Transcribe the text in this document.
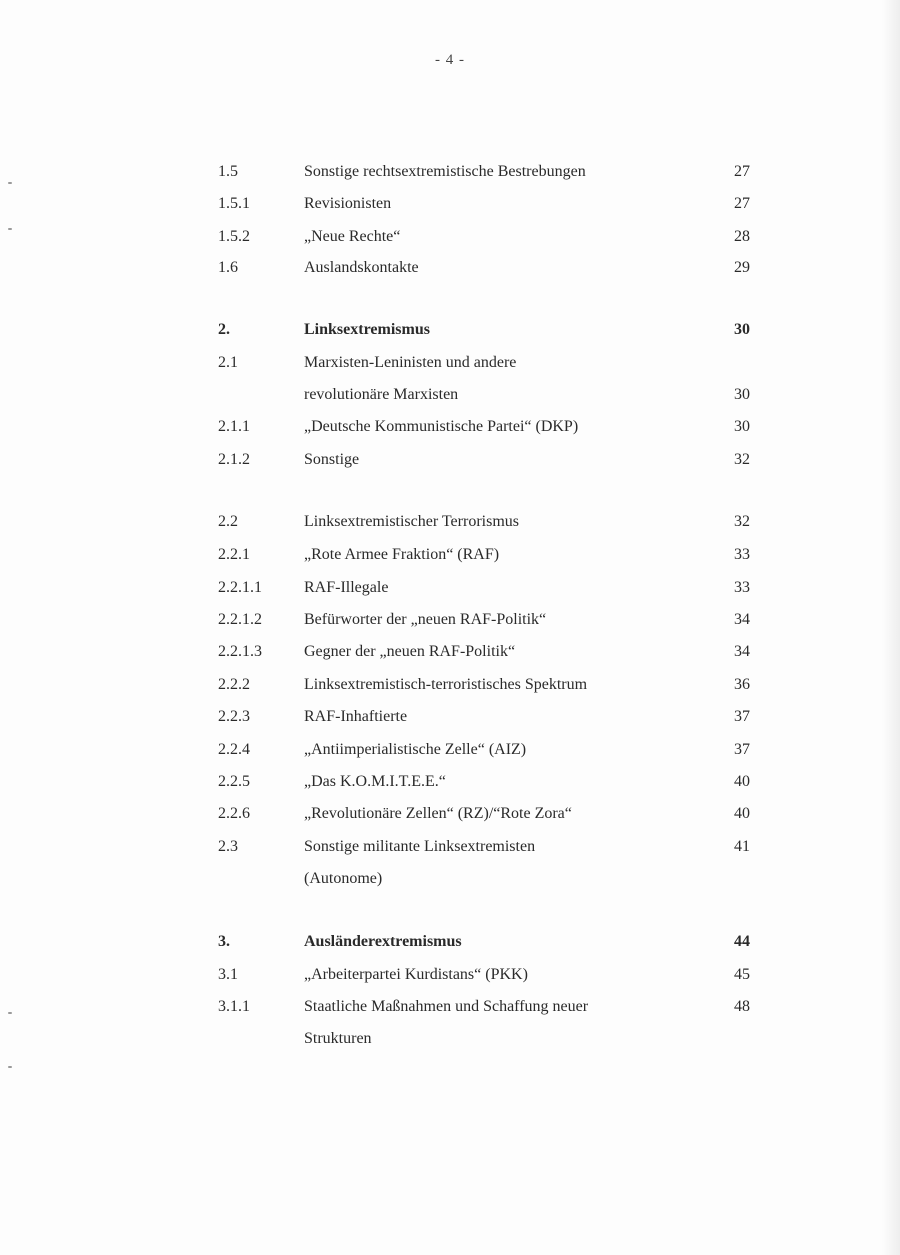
- 4 -
1.5	Sonstige rechtsextremistische Bestrebungen	27
1.5.1	Revisionisten	27
1.5.2	„Neue Rechte“	28
1.6	Auslandskontakte	29
2.	Linksextremismus	30
2.1	Marxisten-Leninisten und andere
revolutionäre Marxisten	30
2.1.1	„Deutsche Kommunistische Partei“ (DKP)	30
2.1.2	Sonstige	32
2.2	Linksextremistischer Terrorismus	32
2.2.1	„Rote Armee Fraktion“ (RAF)	33
2.2.1.1	RAF-Illegale	33
2.2.1.2	Befürworter der „neuen RAF-Politik“	34
2.2.1.3	Gegner der „neuen RAF-Politik“	34
2.2.2	Linksextremistisch-terroristisches Spektrum	36
2.2.3	RAF-Inhaftierte	37
2.2.4	„Antiimperialistische Zelle“ (AIZ)	37
2.2.5	„Das K.O.M.I.T.E.E.“	40
2.2.6	„Revolutionäre Zellen“ (RZ)/“Rote Zora“	40
2.3	Sonstige militante Linksextremisten	41
(Autonome)
3.	Ausländerextremismus	44
3.1	„Arbeiterpartei Kurdistans“ (PKK)	45
3.1.1	Staatliche Maßnahmen und Schaffung neuer	48
Strukturen
